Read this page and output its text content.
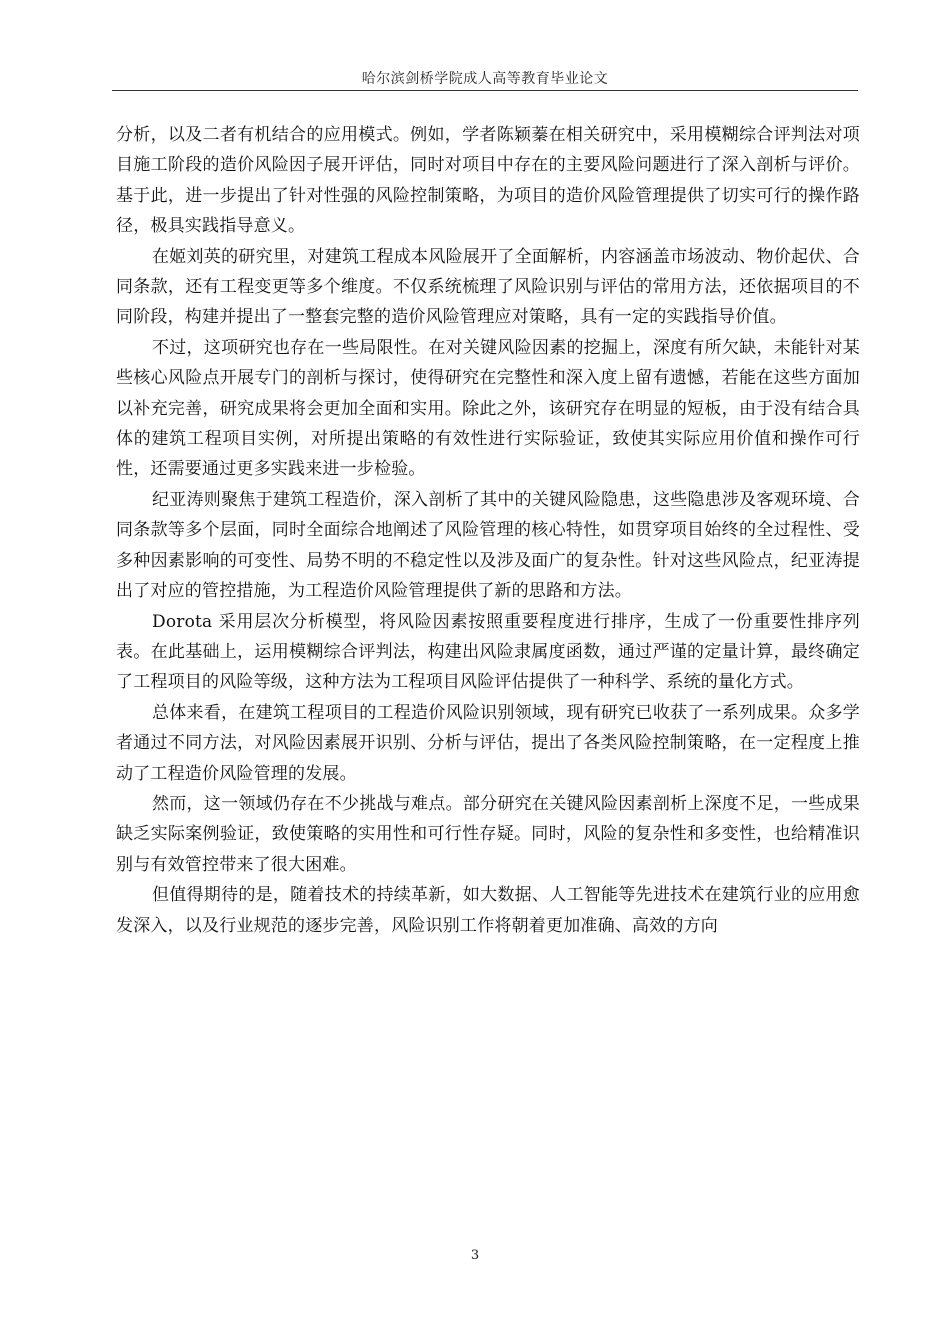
哈尔滨剑桥学院成人高等教育毕业论文

分析，以及二者有机结合的应用模式。例如，学者陈颖蓁在相关研究中，采用模糊综合评判法对项目施工阶段的造价风险因子展开评估，同时对项目中存在的主要风险问题进行了深入剖析与评价。基于此，进一步提出了针对性强的风险控制策略，为项目的造价风险管理提供了切实可行的操作路径，极具实践指导意义。

在姬刘英的研究里，对建筑工程成本风险展开了全面解析，内容涵盖市场波动、物价起伏、合同条款，还有工程变更等多个维度。不仅系统梳理了风险识别与评估的常用方法，还依据项目的不同阶段，构建并提出了一整套完整的造价风险管理应对策略，具有一定的实践指导价值。

不过，这项研究也存在一些局限性。在对关键风险因素的挖掘上，深度有所欠缺，未能针对某些核心风险点开展专门的剖析与探讨，使得研究在完整性和深入度上留有遗憾，若能在这些方面加以补充完善，研究成果将会更加全面和实用。除此之外，该研究存在明显的短板，由于没有结合具体的建筑工程项目实例，对所提出策略的有效性进行实际验证，致使其实际应用价值和操作可行性，还需要通过更多实践来进一步检验。

纪亚涛则聚焦于建筑工程造价，深入剖析了其中的关键风险隐患，这些隐患涉及客观环境、合同条款等多个层面，同时全面综合地阐述了风险管理的核心特性，如贯穿项目始终的全过程性、受多种因素影响的可变性、局势不明的不稳定性以及涉及面广的复杂性。针对这些风险点，纪亚涛提出了对应的管控措施，为工程造价风险管理提供了新的思路和方法。

Dorota 采用层次分析模型，将风险因素按照重要程度进行排序，生成了一份重要性排序列表。在此基础上，运用模糊综合评判法，构建出风险隶属度函数，通过严谨的定量计算，最终确定了工程项目的风险等级，这种方法为工程项目风险评估提供了一种科学、系统的量化方式。

总体来看，在建筑工程项目的工程造价风险识别领域，现有研究已收获了一系列成果。众多学者通过不同方法，对风险因素展开识别、分析与评估，提出了各类风险控制策略，在一定程度上推动了工程造价风险管理的发展。

然而，这一领域仍存在不少挑战与难点。部分研究在关键风险因素剖析上深度不足，一些成果缺乏实际案例验证，致使策略的实用性和可行性存疑。同时，风险的复杂性和多变性，也给精准识别与有效管控带来了很大困难。

但值得期待的是，随着技术的持续革新，如大数据、人工智能等先进技术在建筑行业的应用愈发深入，以及行业规范的逐步完善，风险识别工作将朝着更加准确、高效的方向

3
